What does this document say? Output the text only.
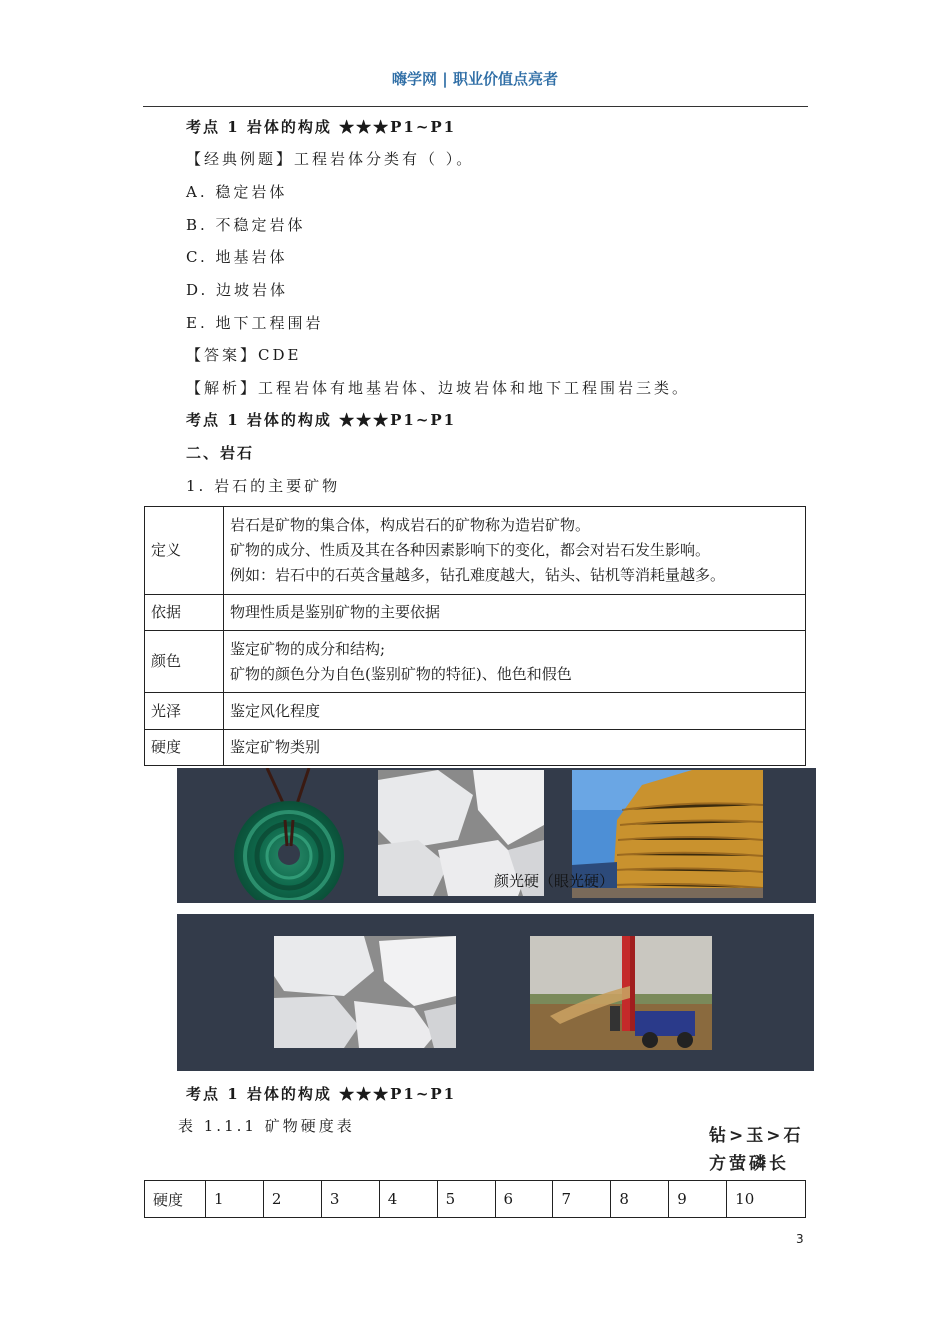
嗨学网 | 职业价值点亮者
考点 1 岩体的构成 ★★★P1~P1
【经典例题】工程岩体分类有（ ）。
A. 稳定岩体
B. 不稳定岩体
C. 地基岩体
D. 边坡岩体
E. 地下工程围岩
【答案】CDE
【解析】工程岩体有地基岩体、边坡岩体和地下工程围岩三类。
考点 1 岩体的构成 ★★★P1~P1
二、岩石
1. 岩石的主要矿物
定义	岩石是矿物的集合体，构成岩石的矿物称为造岩矿物。
矿物的成分、性质及其在各种因素影响下的变化，都会对岩石发生影响。
例如：岩石中的石英含量越多，钻孔难度越大，钻头、钻机等消耗量越多。

依据	物理性质是鉴别矿物的主要依据

颜色	鉴定矿物的成分和结构;
矿物的颜色分为自色(鉴别矿物的特征)、他色和假色

光泽	鉴定风化程度

硬度	鉴定矿物类别
颜光硬（眼光硬）
考点 1 岩体的构成 ★★★P1~P1
表 1.1.1 矿物硬度表	钻>玉>石
方萤磷长
硬度	1	2	3	4	5	6	7	8	9	10
3
